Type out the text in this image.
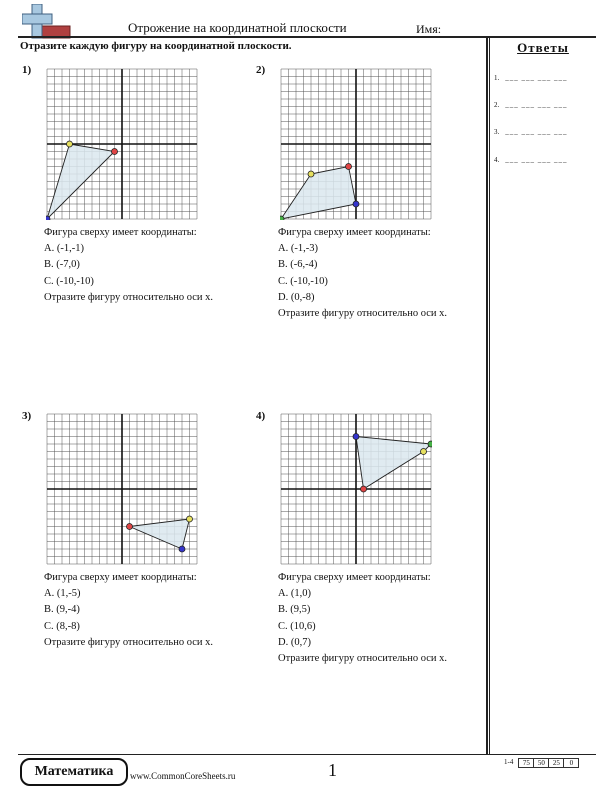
Отрожение на координатной плоскости	Имя:
Отразите каждую фигуру на координатной плоскости.	Ответы
1. ___ ___ ___ ___
2. ___ ___ ___ ___
3. ___ ___ ___ ___
4. ___ ___ ___ ___
1)
Фигура сверху имеет координаты:
A. (-1,-1)
B. (-7,0)
C. (-10,-10)
Отразите фигуру относительно оси x.
2)
Фигура сверху имеет координаты:
A. (-1,-3)
B. (-6,-4)
C. (-10,-10)
D. (0,-8)
Отразите фигуру относительно оси x.
3)
Фигура сверху имеет координаты:
A. (1,-5)
B. (9,-4)
C. (8,-8)
Отразите фигуру относительно оси x.
4)
Фигура сверху имеет координаты:
A. (1,0)
B. (9,5)
C. (10,6)
D. (0,7)
Отразите фигуру относительно оси x.
Математика	www.CommonCoreSheets.ru	1	1-4	75	50	25	0
